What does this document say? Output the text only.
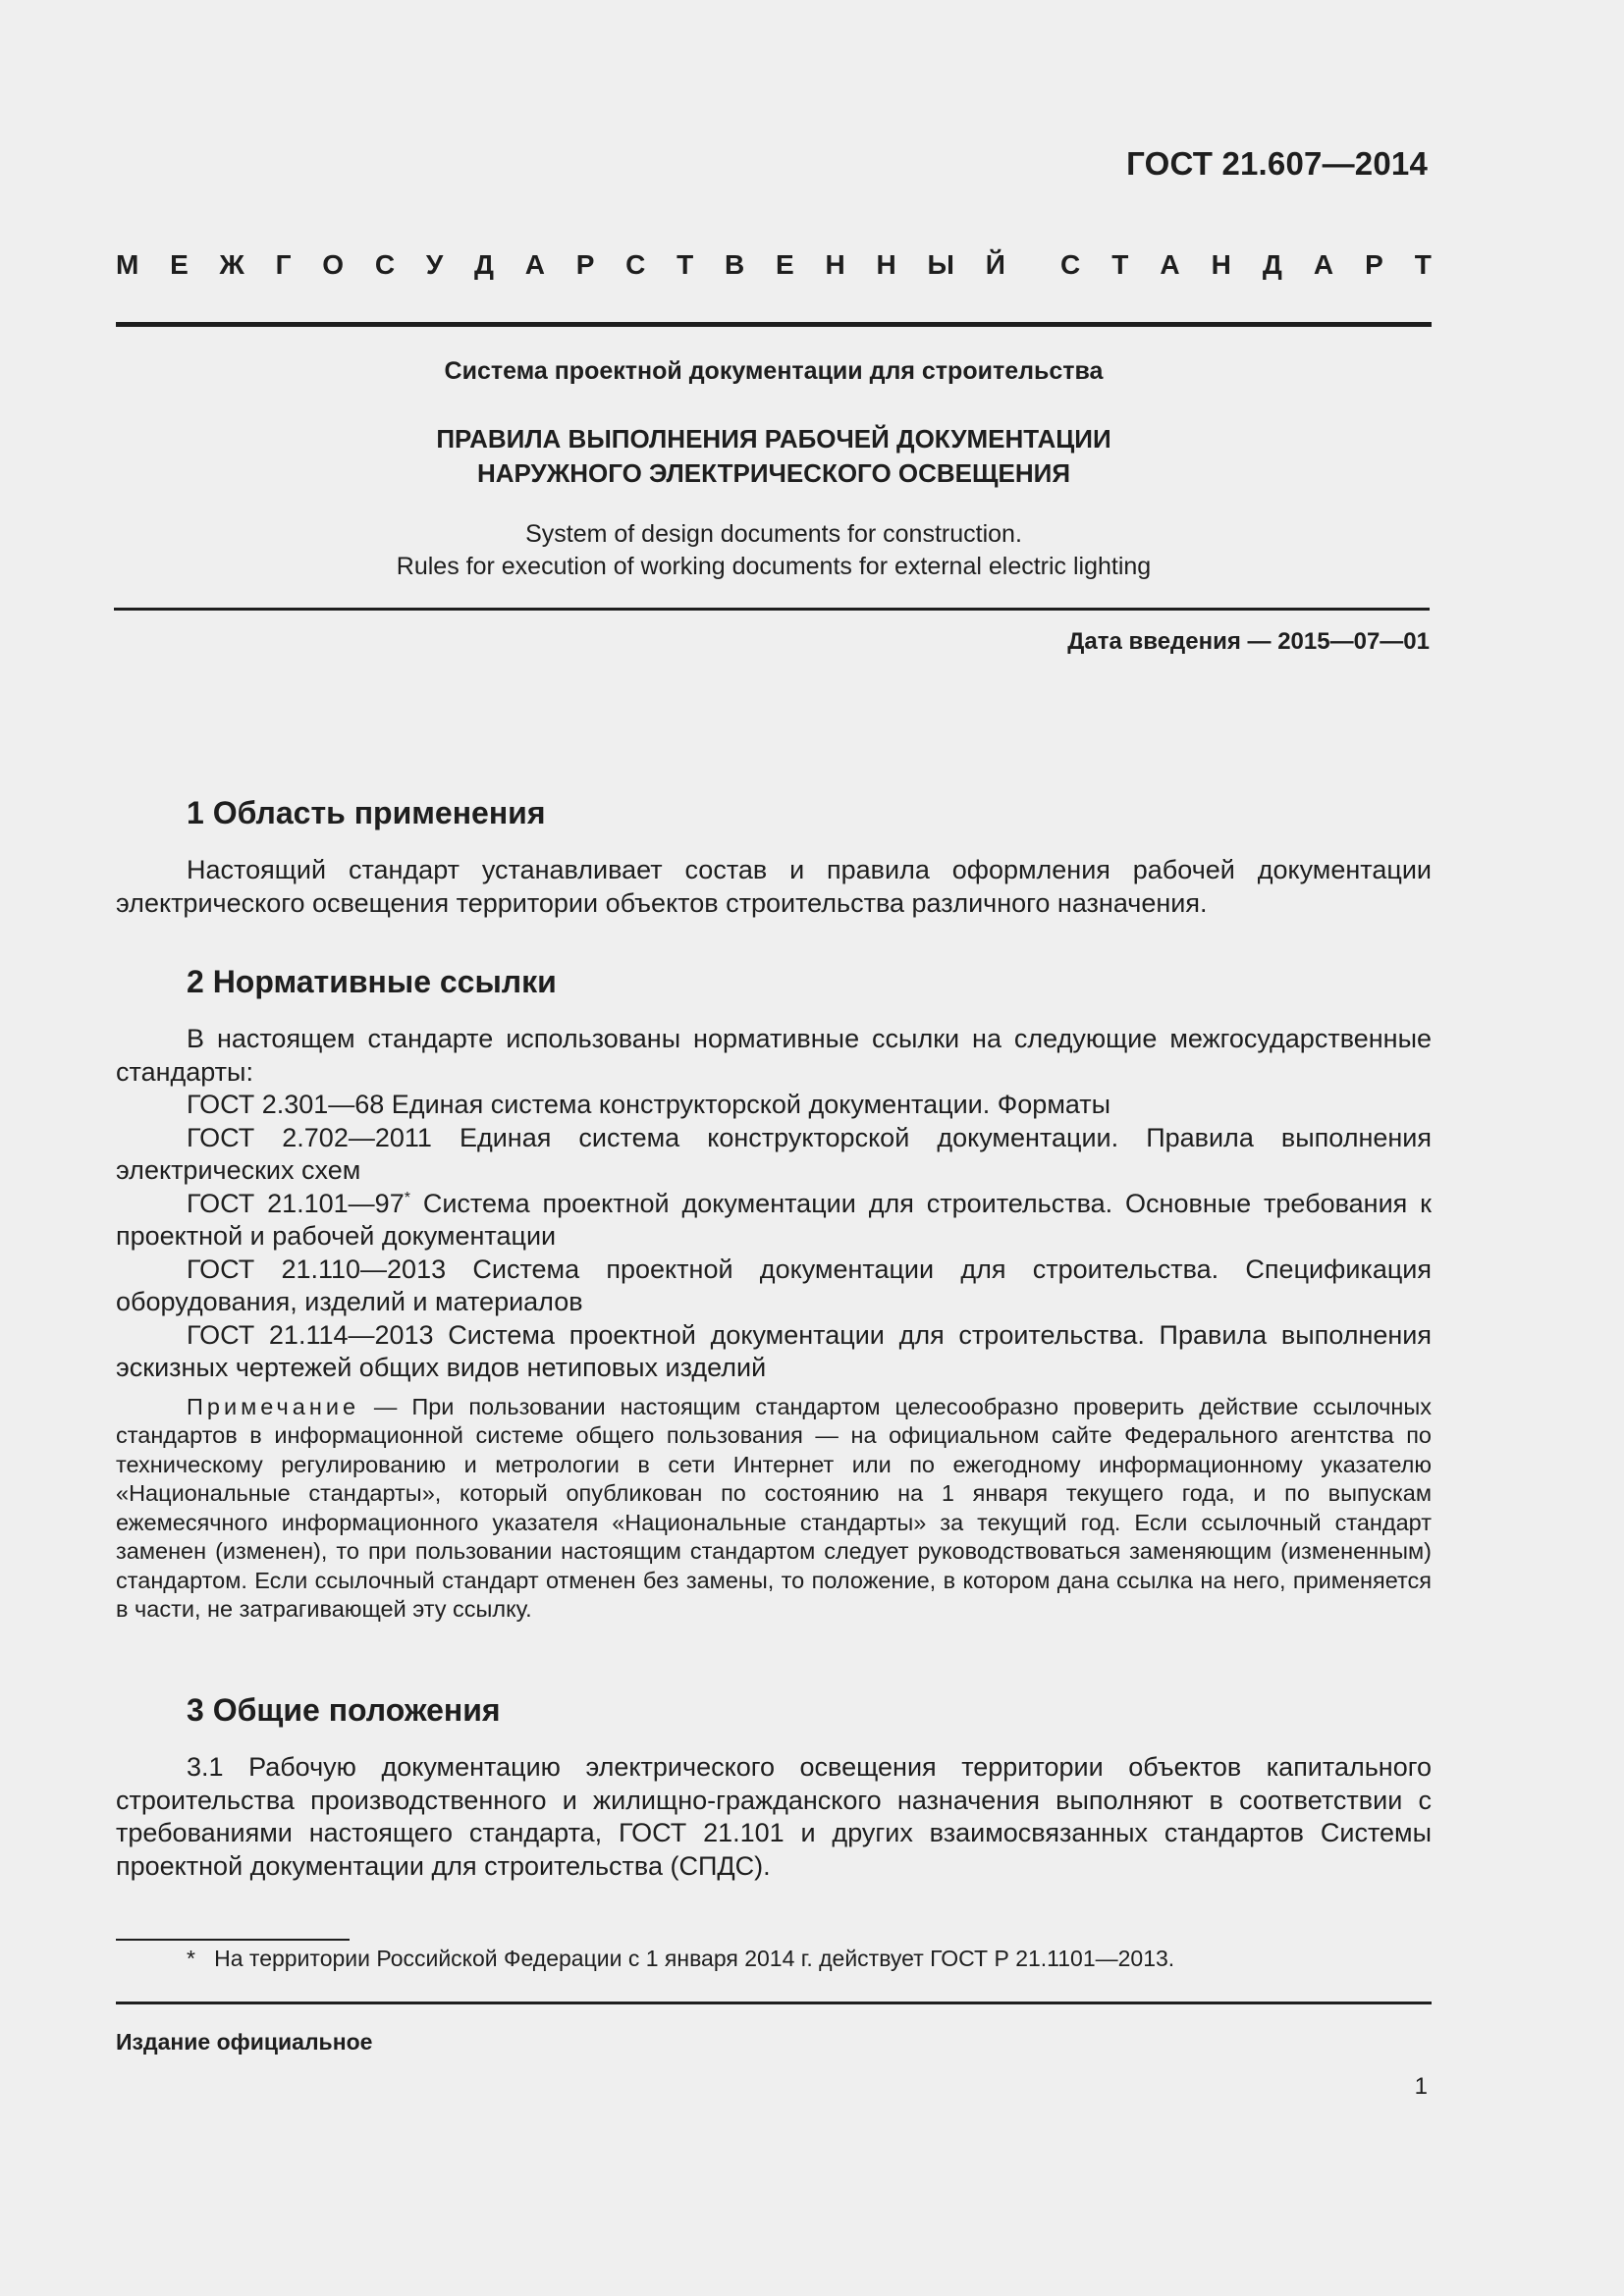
ГОСТ 21.607—2014
М Е Ж Г О С У Д А Р С Т В Е Н Н Ы Й С Т А Н Д А Р Т
Система проектной документации для строительства
ПРАВИЛА ВЫПОЛНЕНИЯ РАБОЧЕЙ ДОКУМЕНТАЦИИ
НАРУЖНОГО ЭЛЕКТРИЧЕСКОГО ОСВЕЩЕНИЯ
System of design documents for construction.
Rules for execution of working documents for external electric lighting
Дата введения — 2015—07—01
1 Область применения

Настоящий стандарт устанавливает состав и правила оформления рабочей документации электрического освещения территории объектов строительства различного назначения.

2 Нормативные ссылки

В настоящем стандарте использованы нормативные ссылки на следующие межгосударственные стандарты:

ГОСТ 2.301—68 Единая система конструкторской документации. Форматы

ГОСТ 2.702—2011 Единая система конструкторской документации. Правила выполнения электрических схем

ГОСТ 21.101—97* Система проектной документации для строительства. Основные требования к проектной и рабочей документации

ГОСТ 21.110—2013 Система проектной документации для строительства. Спецификация оборудования, изделий и материалов

ГОСТ 21.114—2013 Система проектной документации для строительства. Правила выполнения эскизных чертежей общих видов нетиповых изделий

Примечание — При пользовании настоящим стандартом целесообразно проверить действие ссылочных стандартов в информационной системе общего пользования — на официальном сайте Федерального агентства по техническому регулированию и метрологии в сети Интернет или по ежегодному информационному указателю «Национальные стандарты», который опубликован по состоянию на 1 января текущего года, и по выпускам ежемесячного информационного указателя «Национальные стандарты» за текущий год. Если ссылочный стандарт заменен (изменен), то при пользовании настоящим стандартом следует руководствоваться заменяющим (измененным) стандартом. Если ссылочный стандарт отменен без замены, то положение, в котором дана ссылка на него, применяется в части, не затрагивающей эту ссылку.

3 Общие положения

3.1 Рабочую документацию электрического освещения территории объектов капитального строительства производственного и жилищно-гражданского назначения выполняют в соответствии с требованиями настоящего стандарта, ГОСТ 21.101 и других взаимосвязанных стандартов Системы проектной документации для строительства (СПДС).

* На территории Российской Федерации с 1 января 2014 г. действует ГОСТ Р 21.1101—2013.
Издание официальное
1
